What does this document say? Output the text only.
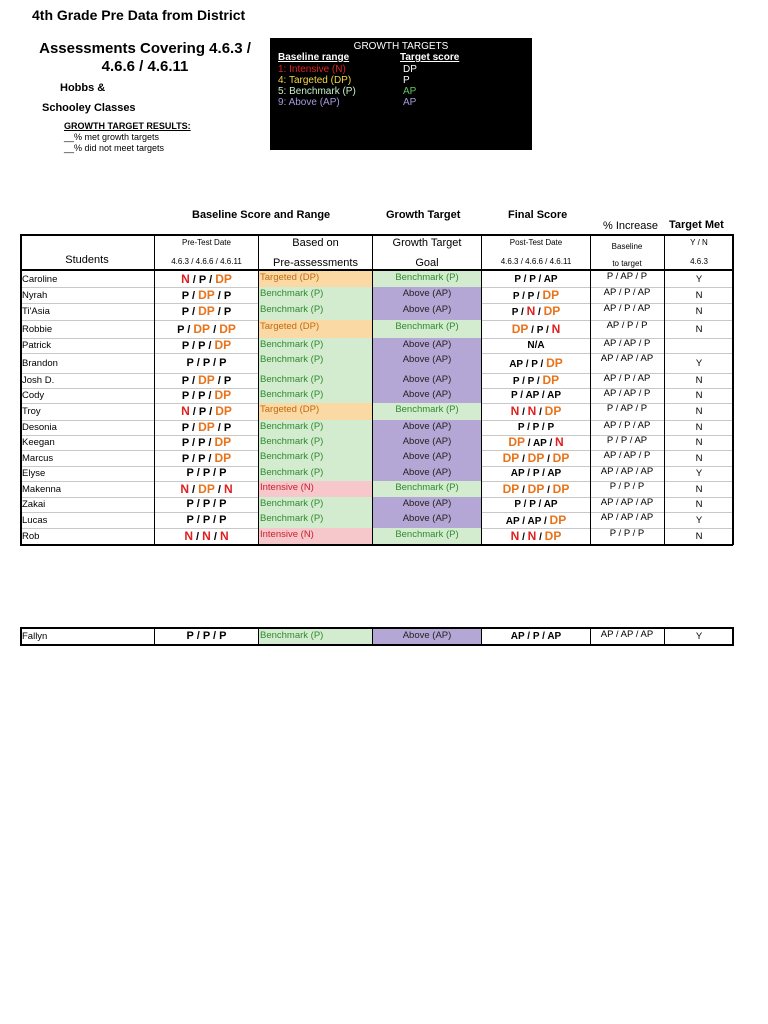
4th Grade Pre Data from District
Assessments Covering 4.6.3 /
4.6.6 / 4.6.11
Hobbs &
Schooley Classes
GROWTH TARGET RESULTS:
__% met growth targets
__% did not meet targets
GROWTH TARGETS
Baseline range	Target score
1: Intensive (N)	DP
4: Targeted (DP)	P
5: Benchmark (P)	AP
9: Above (AP)	AP
Baseline Score and Range	Growth Target	Final Score
% Increase Target Met
Students
Pre-Test Date
4.6.3 / 4.6.6 / 4.6.11
Based on
Pre-assessments
Growth Target
Goal
Post-Test Date
4.6.3 / 4.6.6 / 4.6.11
Baseline
to target
Y / N
4.6.3
Caroline	N / P / DP	Targeted (DP)	Benchmark (P)	P / P / AP	P / AP / P	Y
Nyrah	P / DP / P	Benchmark (P)	Above (AP)	P / P / DP	AP / P / AP	N
Ti'Asia	P / DP / P	Benchmark (P)	Above (AP)	P / N / DP	AP / P / AP	N
Robbie	P / DP / DP	Targeted (DP)	Benchmark (P)	DP / P / N	AP / P / P	N
Patrick	P / P / DP	Benchmark (P)	Above (AP)	N/A	AP / AP / P
Brandon	P / P / P	Benchmark (P)	Above (AP)	AP / P / DP	AP / AP / AP	Y
Josh D.	P / DP / P	Benchmark (P)	Above (AP)	P / P / DP	AP / P / AP	N
Cody	P / P / DP	Benchmark (P)	Above (AP)	P / AP / AP	AP / AP / P	N
Troy	N / P / DP	Targeted (DP)	Benchmark (P)	N / N / DP	P / AP / P	N
Desonia	P / DP / P	Benchmark (P)	Above (AP)	P / P / P	AP / P / AP	N
Keegan	P / P / DP	Benchmark (P)	Above (AP)	DP / AP / N	P / P / AP	N
Marcus	P / P / DP	Benchmark (P)	Above (AP)	DP / DP / DP	AP / AP / P	N
Elyse	P / P / P	Benchmark (P)	Above (AP)	AP / P / AP	AP / AP / AP	Y
Makenna	N / DP / N	Intensive (N)	Benchmark (P)	DP / DP / DP	P / P / P	N
Zakai	P / P / P	Benchmark (P)	Above (AP)	P / P / AP	AP / AP / AP	N
Lucas	P / P / P	Benchmark (P)	Above (AP)	AP / AP / DP	AP / AP / AP	Y
Rob	N / N / N	Intensive (N)	Benchmark (P)	N / N / DP	P / P / P	N
Fallyn	P / P / P	Benchmark (P)	Above (AP)	AP / P / AP	AP / AP / AP	Y
